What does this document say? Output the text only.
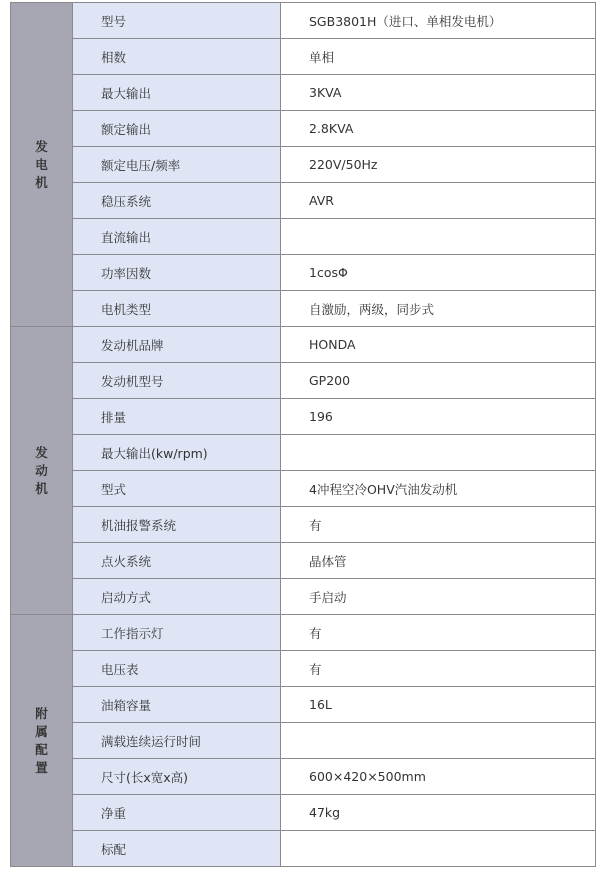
发电机	型号	SGB3801H（进口、单相发电机）
	相数	单相
	最大输出	3KVA
	额定输出	2.8KVA
	额定电压/频率	220V/50Hz
	稳压系统	AVR
	直流输出	
	功率因数	1cosΦ
	电机类型	自激励，两级，同步式
发动机	发动机品牌	HONDA
	发动机型号	GP200
	排量	196
	最大输出(kw/rpm)	
	型式	4冲程空冷OHV汽油发动机
	机油报警系统	有
	点火系统	晶体管
	启动方式	手启动
附属配置	工作指示灯	有
	电压表	有
	油箱容量	16L
	满载连续运行时间	
	尺寸(长x宽x高)	600×420×500mm
	净重	47kg
	标配	
